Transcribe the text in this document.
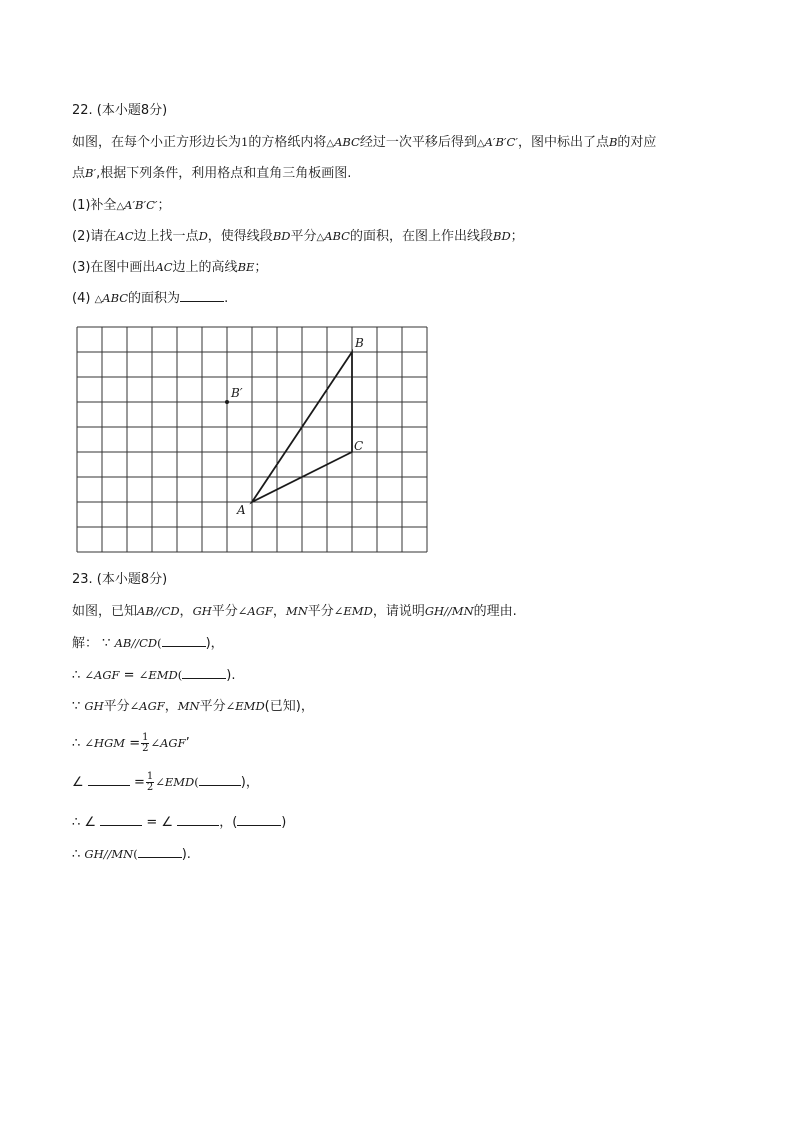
22. (本小题8分)
如图，在每个小正方形边长为1的方格纸内将△ABC经过一次平移后得到△A′B′C′，图中标出了点B的对应
点B′,根据下列条件，利用格点和直角三角板画图.
(1)补全△A′B′C′；
(2)请在AC边上找一点D，使得线段BD平分△ABC的面积，在图上作出线段BD；
(3)在图中画出AC边上的高线BE；
(4) △ABC的面积为	.
A
B
C
B′
23. (本小题8分)
如图，已知AB//CD，GH平分∠AGF，MN平分∠EMD，请说明GH//MN的理由.
解： ∵ AB//CD(	)，
∴ ∠AGF = ∠EMD(	).
∵ GH平分∠AGF，MN平分∠EMD(已知)，
∴ ∠HGM = $\frac{1}{2}$ ∠AGF’
∠	= $\frac{1}{2}$ ∠EMD(	)，
∴ ∠	= ∠	，(	)
∴ GH//MN(	).
